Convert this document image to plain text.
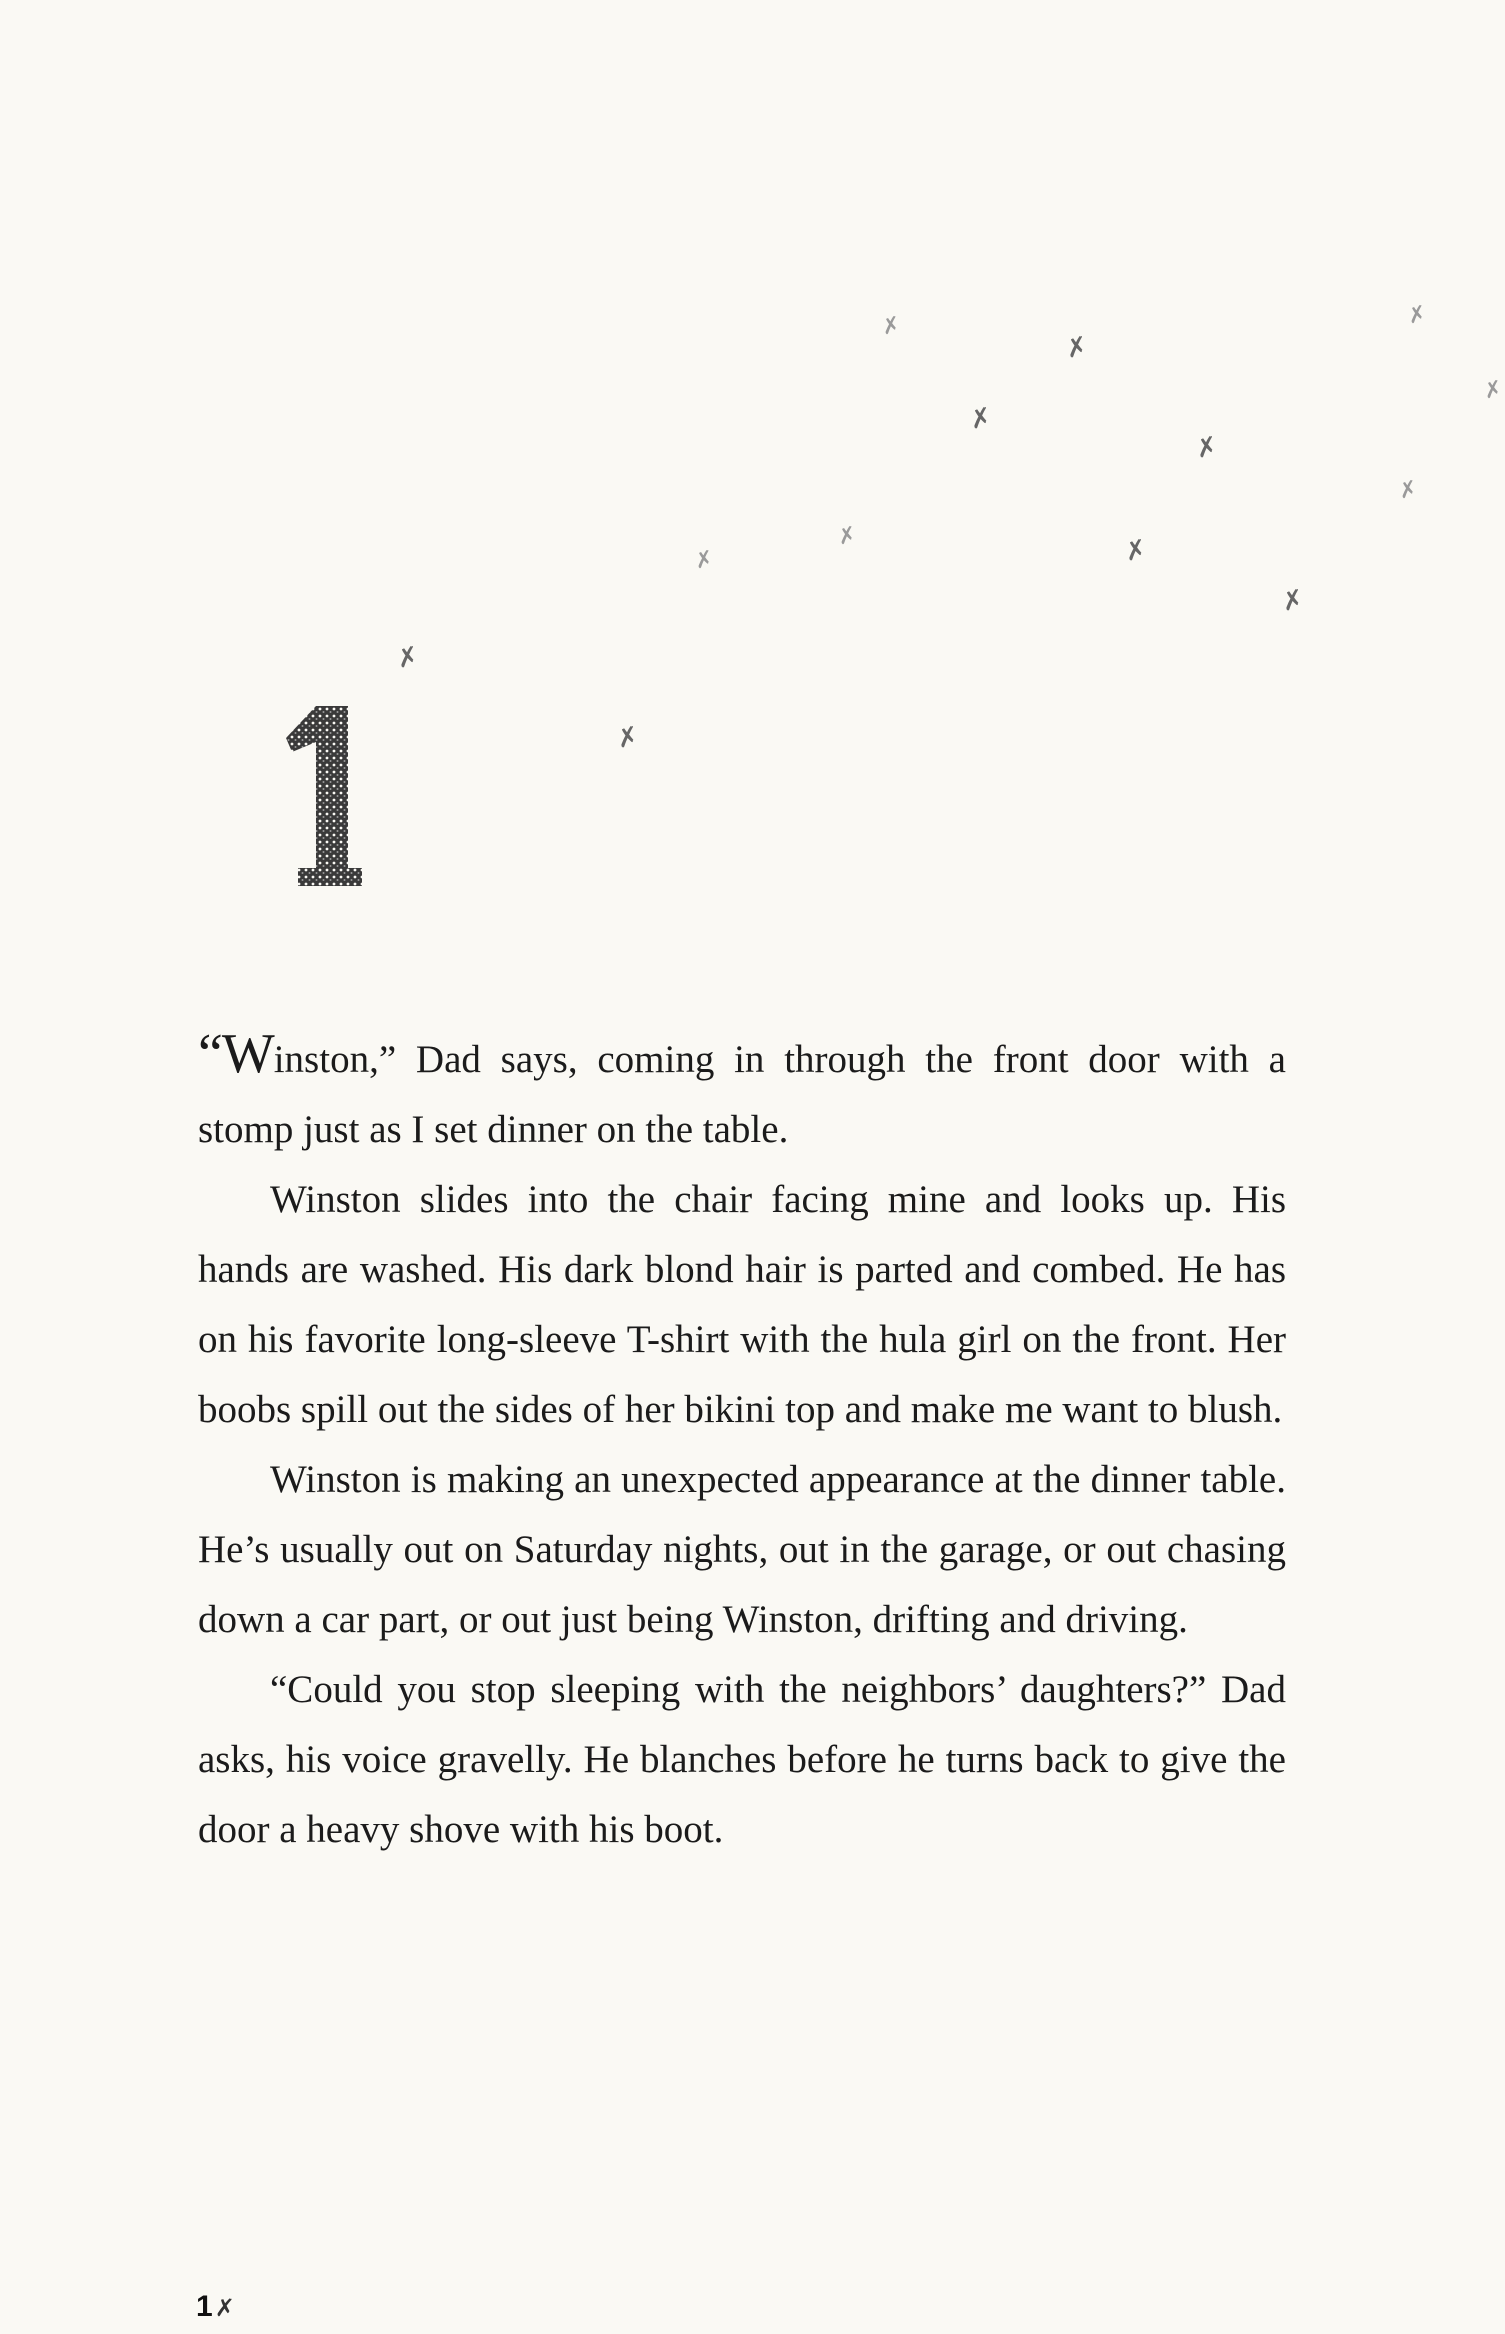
✗
✗
✗
✗
✗
✗
✗
✗
✗	✗
✗
✗
✗
1

“Winston,” Dad says, coming in through the front door with a stomp just as I set dinner on the table.

Winston slides into the chair facing mine and looks up. His hands are washed. His dark blond hair is parted and combed. He has on his favorite long-sleeve T-shirt with the hula girl on the front. Her boobs spill out the sides of her bikini top and make me want to blush.

Winston is making an unexpected appearance at the dinner table. He’s usually out on Saturday nights, out in the garage, or out chasing down a car part, or out just being Winston, drifting and driving.

“Could you stop sleeping with the neighbors’ daughters?” Dad asks, his voice gravelly. He blanches before he turns back to give the door a heavy shove with his boot.

1✗
